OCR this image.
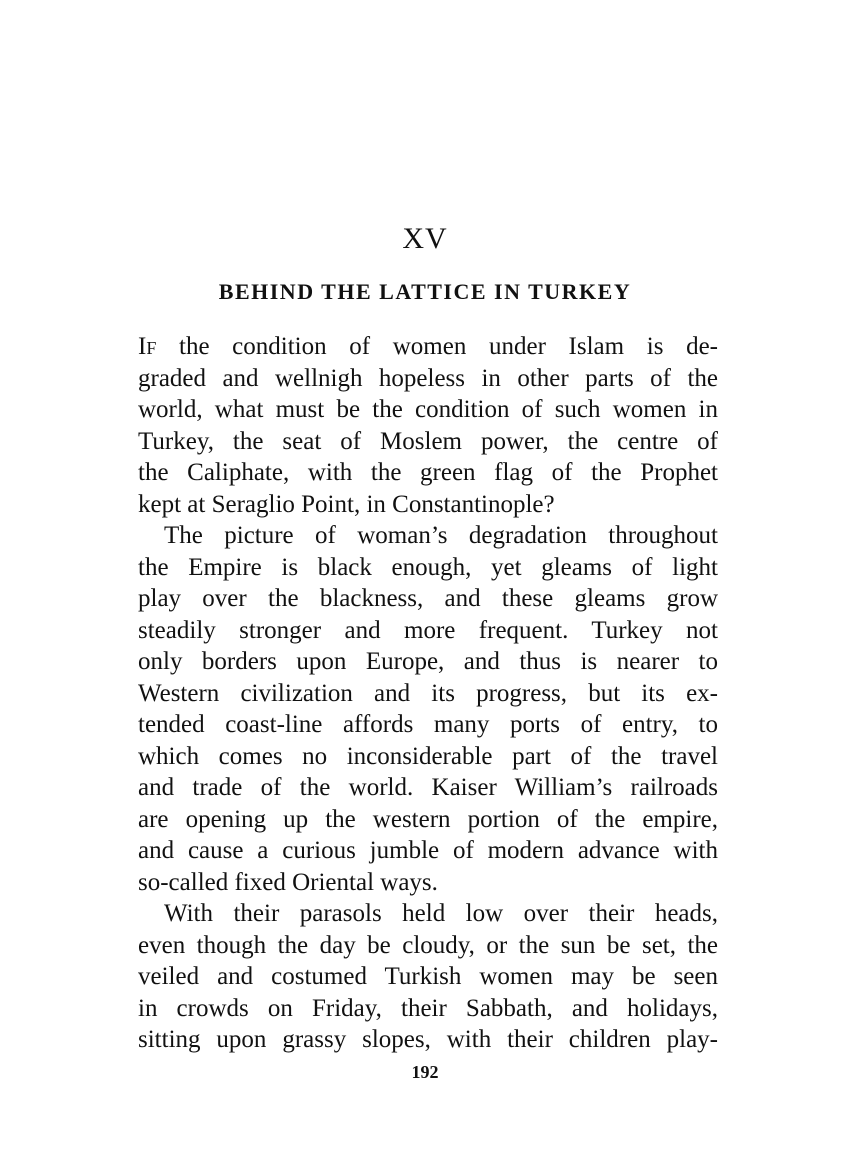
XV
BEHIND THE LATTICE IN TURKEY
If the condition of women under Islam is de-
graded and wellnigh hopeless in other parts of the
world, what must be the condition of such women in
Turkey, the seat of Moslem power, the centre of
the Caliphate, with the green flag of the Prophet
kept at Seraglio Point, in Constantinople?
The picture of woman’s degradation throughout
the Empire is black enough, yet gleams of light
play over the blackness, and these gleams grow
steadily stronger and more frequent. Turkey not
only borders upon Europe, and thus is nearer to
Western civilization and its progress, but its ex-
tended coast-line affords many ports of entry, to
which comes no inconsiderable part of the travel
and trade of the world. Kaiser William’s railroads
are opening up the western portion of the empire,
and cause a curious jumble of modern advance with
so-called fixed Oriental ways.
With their parasols held low over their heads,
even though the day be cloudy, or the sun be set, the
veiled and costumed Turkish women may be seen
in crowds on Friday, their Sabbath, and holidays,
sitting upon grassy slopes, with their children play-
192
